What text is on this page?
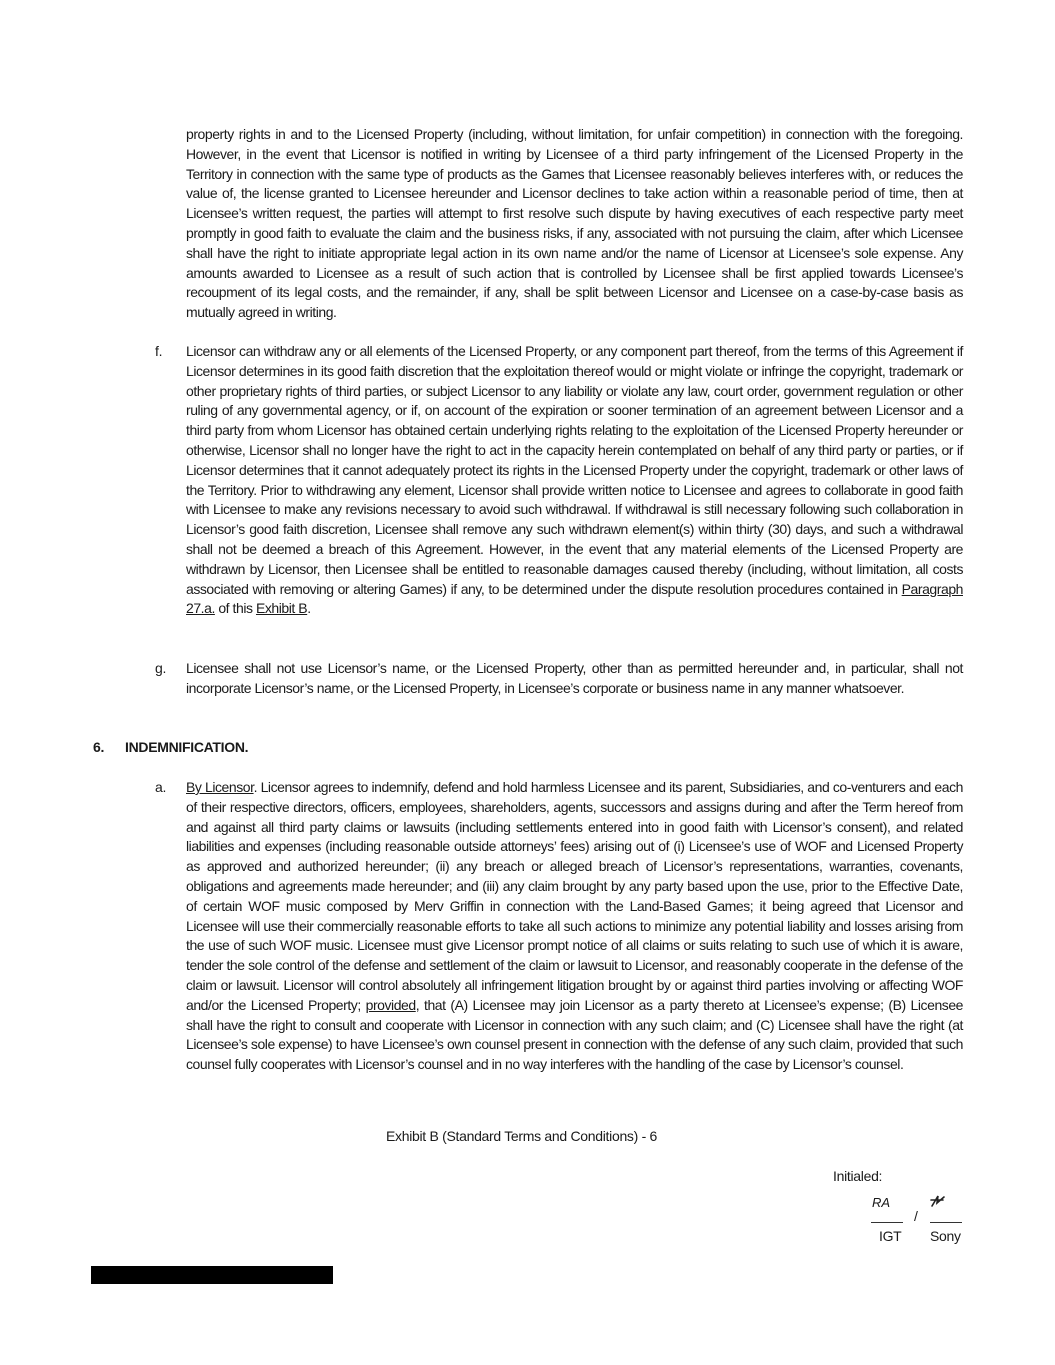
property rights in and to the Licensed Property (including, without limitation, for unfair competition) in connection with the foregoing. However, in the event that Licensor is notified in writing by Licensee of a third party infringement of the Licensed Property in the Territory in connection with the same type of products as the Games that Licensee reasonably believes interferes with, or reduces the value of, the license granted to Licensee hereunder and Licensor declines to take action within a reasonable period of time, then at Licensee’s written request, the parties will attempt to first resolve such dispute by having executives of each respective party meet promptly in good faith to evaluate the claim and the business risks, if any, associated with not pursuing the claim, after which Licensee shall have the right to initiate appropriate legal action in its own name and/or the name of Licensor at Licensee’s sole expense. Any amounts awarded to Licensee as a result of such action that is controlled by Licensee shall be first applied towards Licensee’s recoupment of its legal costs, and the remainder, if any, shall be split between Licensor and Licensee on a case-by-case basis as mutually agreed in writing.
f. Licensor can withdraw any or all elements of the Licensed Property, or any component part thereof, from the terms of this Agreement if Licensor determines in its good faith discretion that the exploitation thereof would or might violate or infringe the copyright, trademark or other proprietary rights of third parties, or subject Licensor to any liability or violate any law, court order, government regulation or other ruling of any governmental agency, or if, on account of the expiration or sooner termination of an agreement between Licensor and a third party from whom Licensor has obtained certain underlying rights relating to the exploitation of the Licensed Property hereunder or otherwise, Licensor shall no longer have the right to act in the capacity herein contemplated on behalf of any third party or parties, or if Licensor determines that it cannot adequately protect its rights in the Licensed Property under the copyright, trademark or other laws of the Territory. Prior to withdrawing any element, Licensor shall provide written notice to Licensee and agrees to collaborate in good faith with Licensee to make any revisions necessary to avoid such withdrawal. If withdrawal is still necessary following such collaboration in Licensor’s good faith discretion, Licensee shall remove any such withdrawn element(s) within thirty (30) days, and such a withdrawal shall not be deemed a breach of this Agreement. However, in the event that any material elements of the Licensed Property are withdrawn by Licensor, then Licensee shall be entitled to reasonable damages caused thereby (including, without limitation, all costs associated with removing or altering Games) if any, to be determined under the dispute resolution procedures contained in Paragraph 27.a. of this Exhibit B.
g. Licensee shall not use Licensor’s name, or the Licensed Property, other than as permitted hereunder and, in particular, shall not incorporate Licensor’s name, or the Licensed Property, in Licensee’s corporate or business name in any manner whatsoever.
6. INDEMNIFICATION.
a. By Licensor. Licensor agrees to indemnify, defend and hold harmless Licensee and its parent, Subsidiaries, and co-venturers and each of their respective directors, officers, employees, shareholders, agents, successors and assigns during and after the Term hereof from and against all third party claims or lawsuits (including settlements entered into in good faith with Licensor’s consent), and related liabilities and expenses (including reasonable outside attorneys’ fees) arising out of (i) Licensee’s use of WOF and Licensed Property as approved and authorized hereunder; (ii) any breach or alleged breach of Licensor’s representations, warranties, covenants, obligations and agreements made hereunder; and (iii) any claim brought by any party based upon the use, prior to the Effective Date, of certain WOF music composed by Merv Griffin in connection with the Land-Based Games; it being agreed that Licensor and Licensee will use their commercially reasonable efforts to take all such actions to minimize any potential liability and losses arising from the use of such WOF music. Licensee must give Licensor prompt notice of all claims or suits relating to such use of which it is aware, tender the sole control of the defense and settlement of the claim or lawsuit to Licensor, and reasonably cooperate in the defense of the claim or lawsuit. Licensor will control absolutely all infringement litigation brought by or against third parties involving or affecting WOF and/or the Licensed Property; provided, that (A) Licensee may join Licensor as a party thereto at Licensee’s expense; (B) Licensee shall have the right to consult and cooperate with Licensor in connection with any such claim; and (C) Licensee shall have the right (at Licensee’s sole expense) to have Licensee’s own counsel present in connection with the defense of any such claim, provided that such counsel fully cooperates with Licensor’s counsel and in no way interferes with the handling of the case by Licensor’s counsel.
Exhibit B (Standard Terms and Conditions) - 6
Initialed:
RA
/
IGT Sony
